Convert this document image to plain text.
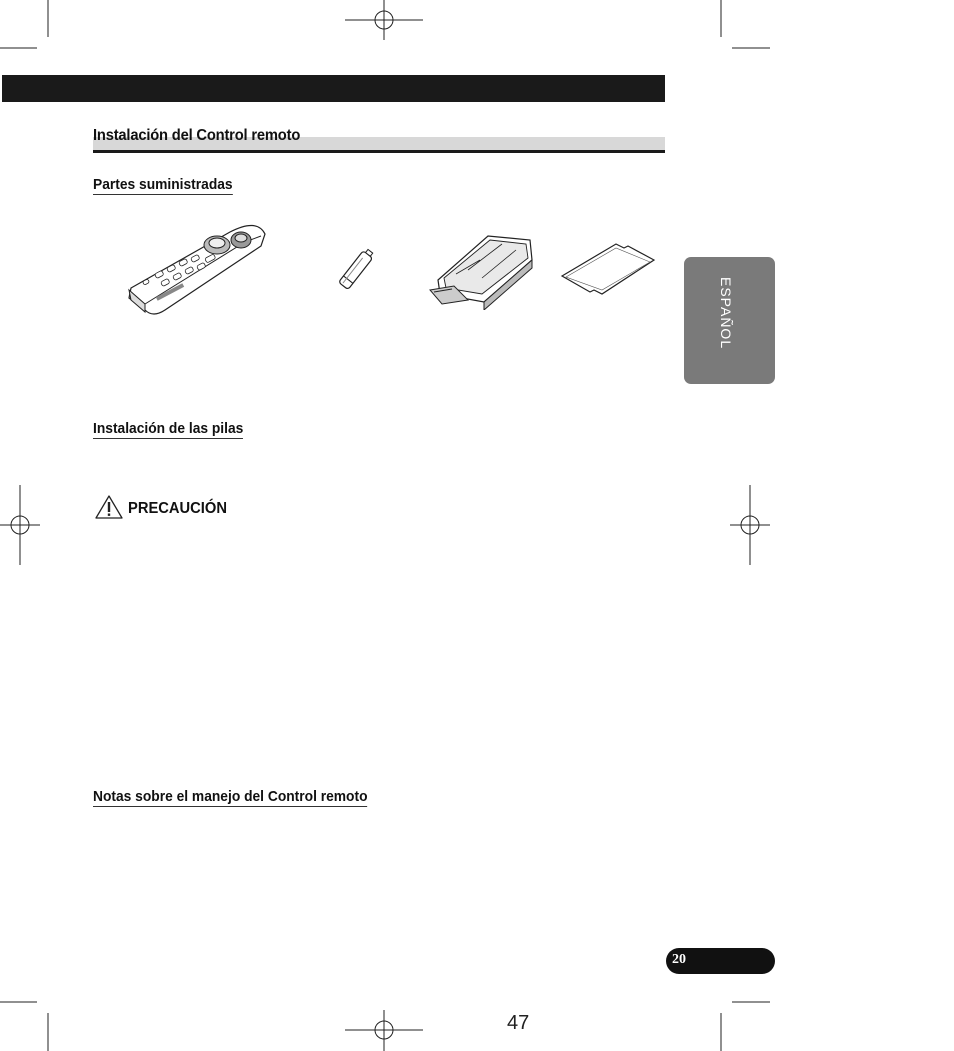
Instalación del Control remoto
Partes suministradas
ESPAÑOL
Instalación de las pilas
PRECAUCIÓN
Notas sobre el manejo del Control remoto
20
47
